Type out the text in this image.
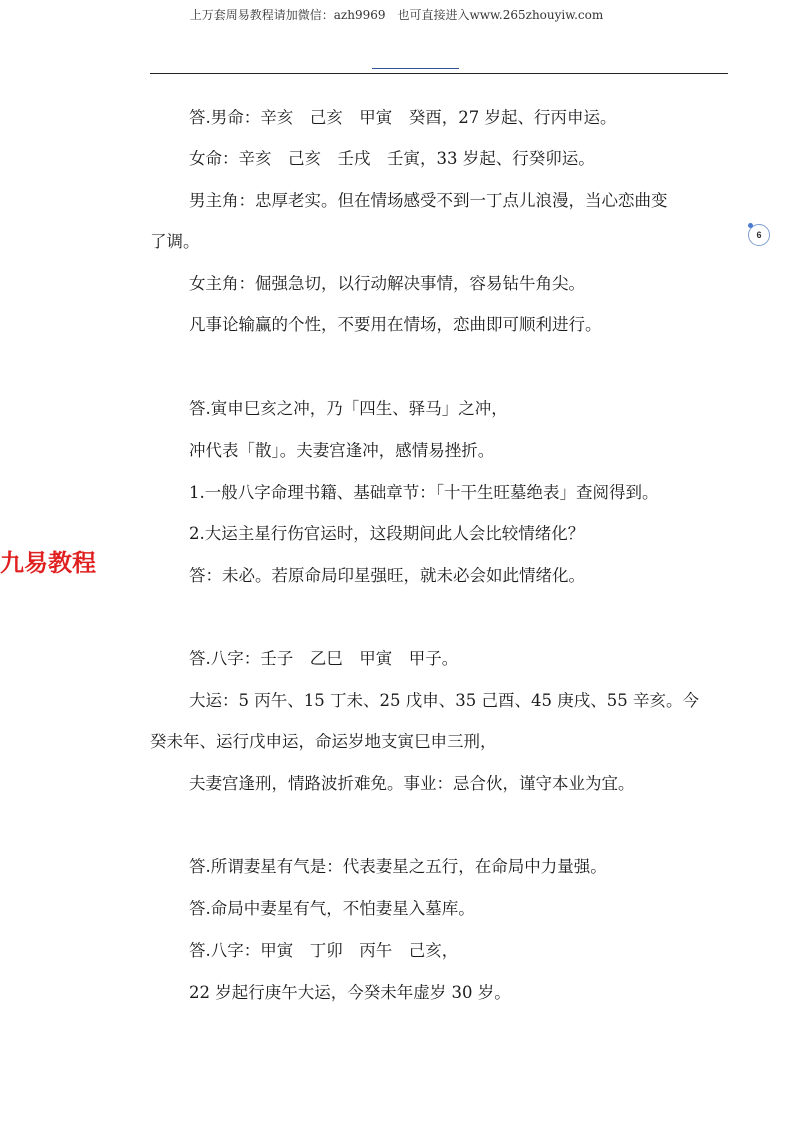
上万套周易教程请加微信：azh9969　也可直接进入www.265zhouyiw.com
6
九易教程
答.男命：辛亥　己亥　甲寅　癸酉，27 岁起、行丙申运。
女命：辛亥　己亥　壬戌　壬寅，33 岁起、行癸卯运。
男主角：忠厚老实。但在情场感受不到一丁点儿浪漫，当心恋曲变
了调。
女主角：倔强急切，以行动解决事情，容易钻牛角尖。
凡事论输赢的个性，不要用在情场，恋曲即可顺利进行。
答.寅申巳亥之冲，乃「四生、驿马」之冲，
冲代表「散」。夫妻宫逢冲，感情易挫折。
1.一般八字命理书籍、基础章节：「十干生旺墓绝表」查阅得到。
2.大运主星行伤官运时，这段期间此人会比较情绪化？
答：未必。若原命局印星强旺，就未必会如此情绪化。
答.八字：壬子　乙巳　甲寅　甲子。
大运：5 丙午、15 丁未、25 戊申、35 己酉、45 庚戌、55 辛亥。今
癸未年、运行戊申运，命运岁地支寅巳申三刑，
夫妻宫逢刑，情路波折难免。事业：忌合伙，谨守本业为宜。
答.所谓妻星有气是：代表妻星之五行，在命局中力量强。
答.命局中妻星有气，不怕妻星入墓库。
答.八字：甲寅　丁卯　丙午　己亥，
22 岁起行庚午大运，今癸未年虚岁 30 岁。
